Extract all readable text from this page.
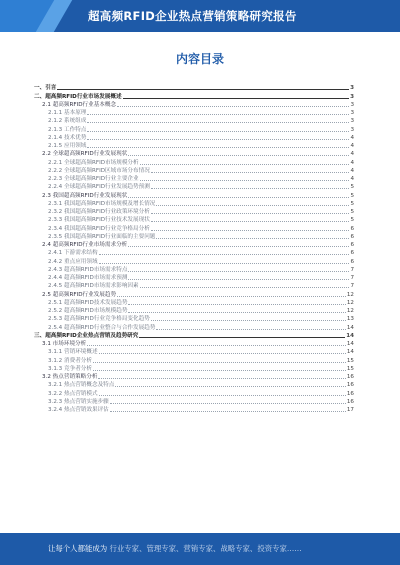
超高频RFID企业热点营销策略研究报告
内容目录
一、引言	3
二、超高频RFID行业市场发展概述	3
2.1 超高频RFID行业基本概念	3
2.1.1 基本原理	3
2.1.2 系统组成	3
2.1.3 工作特点	3
2.1.4 技术优势	4
2.1.5 应用领域	4
2.2 全球超高频RFID行业发展现状	4
2.2.1 全球超高频RFID市场规模分析	4
2.2.2 全球超高频RFID区域市场分布情况	4
2.2.3 全球超高频RFID行业主要企业	4
2.2.4 全球超高频RFID行业发展趋势预测	5
2.3 我国超高频RFID行业发展现状	5
2.3.1 我国超高频RFID市场规模及增长情况	5
2.3.2 我国超高频RFID行业政策环境分析	5
2.3.3 我国超高频RFID行业技术发展现状	5
2.3.4 我国超高频RFID行业竞争格局分析	6
2.3.5 我国超高频RFID行业面临的主要问题	6
2.4 超高频RFID行业市场需求分析	6
2.4.1 下游需求结构	6
2.4.2 重点应用领域	6
2.4.3 超高频RFID市场需求特点	7
2.4.4 超高频RFID市场需求预测	7
2.4.5 超高频RFID市场需求影响因素	7
2.5 超高频RFID行业发展趋势	12
2.5.1 超高频RFID技术发展趋势	12
2.5.2 超高频RFID市场规模趋势	12
2.5.3 超高频RFID行业竞争格局变化趋势	13
2.5.4 超高频RFID行业整合与合作发展趋势	14
三、超高频RFID企业热点营销及趋势研究	14
3.1 市场环境分析	14
3.1.1 营销环境概述	14
3.1.2 消费者分析	15
3.1.3 竞争者分析	15
3.2 热点营销策略分析	16
3.2.1 热点营销概念及特点	16
3.2.2 热点营销模式	16
3.2.3 热点营销实施步骤	16
3.2.4 热点营销效果评估	17
让每个人都能成为 行业专家、管理专家、营销专家、战略专家、投资专家……
